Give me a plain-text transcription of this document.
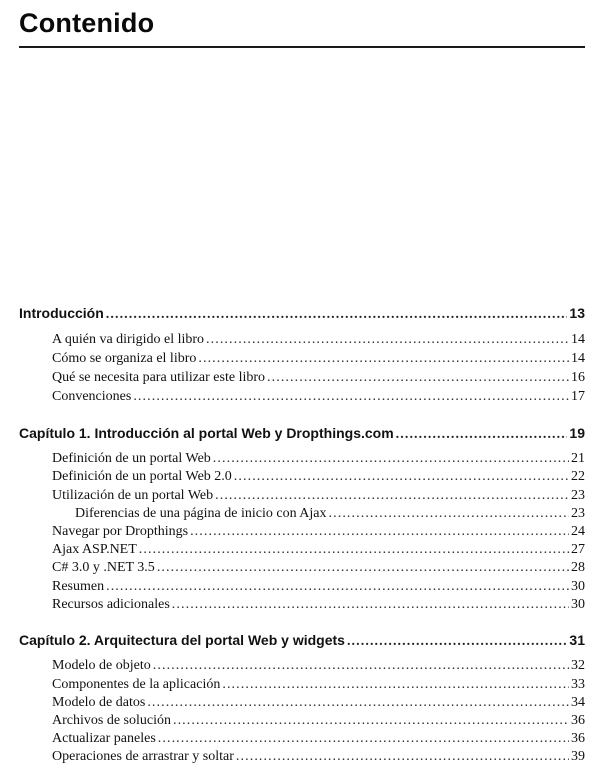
Contenido
Introducción . . .	13
A quién va dirigido el libro . . .	14
Cómo se organiza el libro . . .	14
Qué se necesita para utilizar este libro . . .	16
Convenciones . . .	17
Capítulo 1. Introducción al portal Web y Dropthings.com . . .	19
Definición de un portal Web . . .	21
Definición de un portal Web 2.0 . . .	22
Utilización de un portal Web . . .	23
Diferencias de una página de inicio con Ajax . . .	23
Navegar por Dropthings . . .	24
Ajax ASP.NET . . .	27
C# 3.0 y .NET 3.5 . . .	28
Resumen . . .	30
Recursos adicionales . . .	30
Capítulo 2. Arquitectura del portal Web y widgets . . .	31
Modelo de objeto . . .	32
Componentes de la aplicación . . .	33
Modelo de datos . . .	34
Archivos de solución . . .	36
Actualizar paneles . . .	36
Operaciones de arrastrar y soltar . . .	39
